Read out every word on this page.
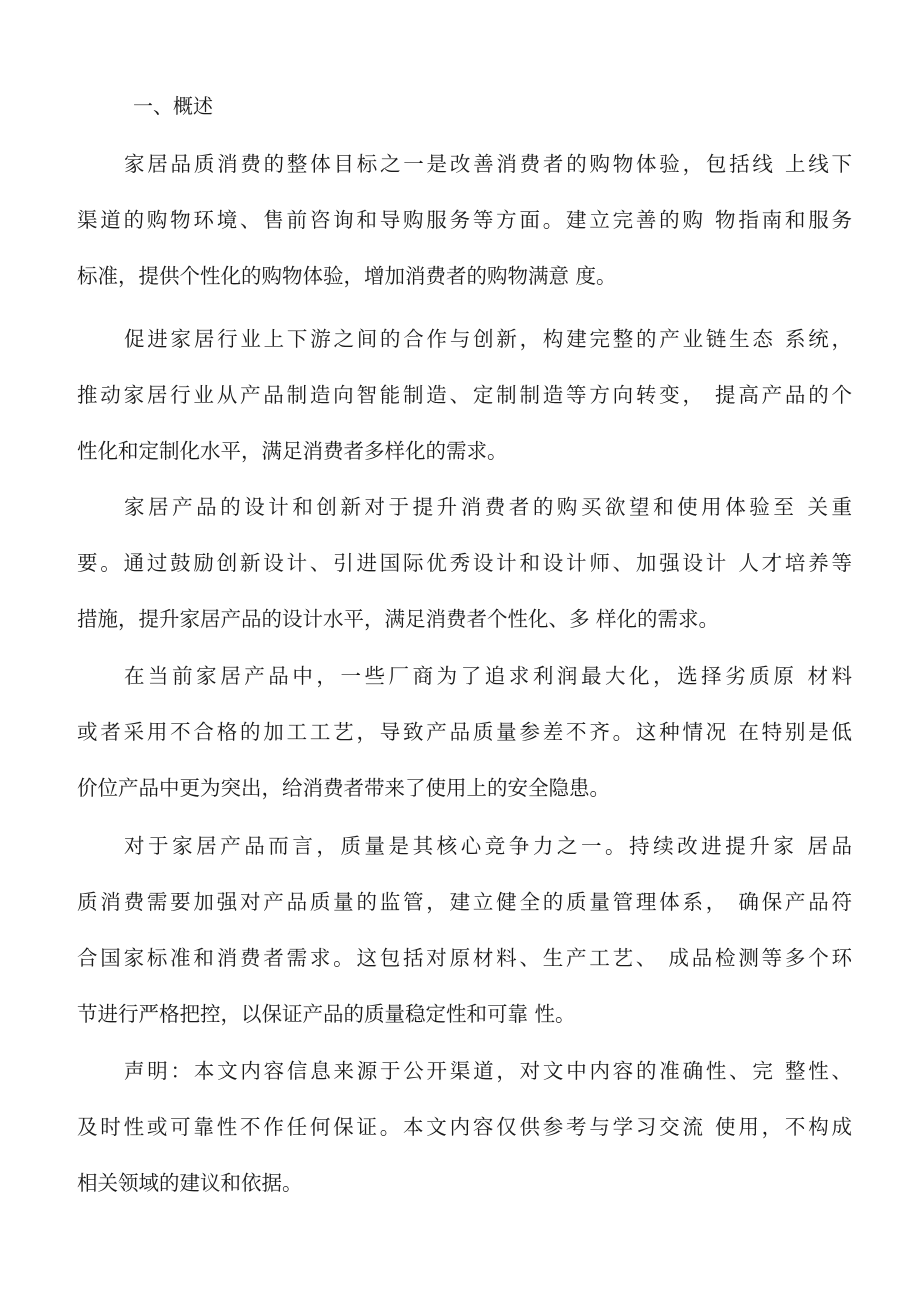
一、概述
家居品质消费的整体目标之一是改善消费者的购物体验，包括线 上线下
渠道的购物环境、售前咨询和导购服务等方面。建立完善的购 物指南和服务
标准，提供个性化的购物体验，增加消费者的购物满意 度。
促进家居行业上下游之间的合作与创新，构建完整的产业链生态 系统，
推动家居行业从产品制造向智能制造、定制制造等方向转变， 提高产品的个
性化和定制化水平，满足消费者多样化的需求。
家居产品的设计和创新对于提升消费者的购买欲望和使用体验至 关重
要。通过鼓励创新设计、引进国际优秀设计和设计师、加强设计 人才培养等
措施，提升家居产品的设计水平，满足消费者个性化、多 样化的需求。
在当前家居产品中，一些厂商为了追求利润最大化，选择劣质原 材料
或者采用不合格的加工工艺，导致产品质量参差不齐。这种情况 在特别是低
价位产品中更为突出，给消费者带来了使用上的安全隐患。
对于家居产品而言，质量是其核心竞争力之一。持续改进提升家 居品
质消费需要加强对产品质量的监管，建立健全的质量管理体系， 确保产品符
合国家标准和消费者需求。这包括对原材料、生产工艺、 成品检测等多个环
节进行严格把控，以保证产品的质量稳定性和可靠 性。
声明：本文内容信息来源于公开渠道，对文中内容的准确性、完 整性、
及时性或可靠性不作任何保证。本文内容仅供参考与学习交流 使用，不构成
相关领域的建议和依据。
